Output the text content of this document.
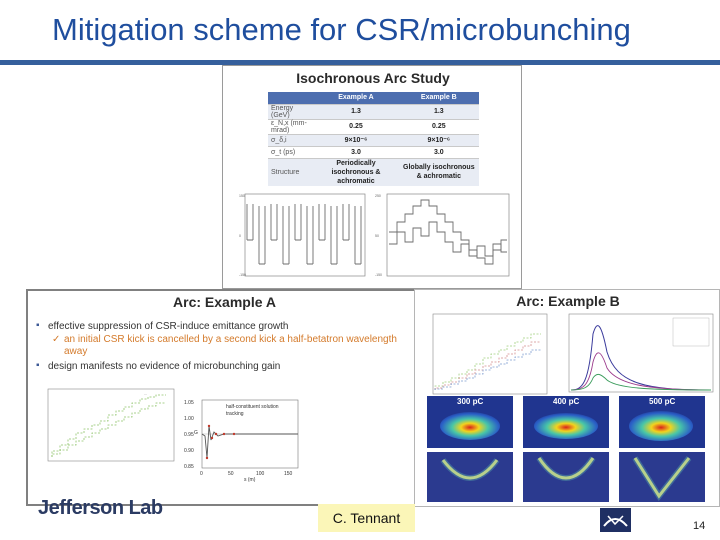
Mitigation scheme for CSR/microbunching
Isochronous Arc Study
	Example A	Example B
Energy (GeV)	1.3	1.3
ε_N,x (mm-mrad)	0.25	0.25
σ_δ,i	9×10⁻⁶	9×10⁻⁶
σ_t (ps)	3.0	3.0
Structure	Periodically isochronous & achromatic	Globally isochronous & achromatic
150
0
-150
250
50
-150
Arc: Example A
▪ effective suppression of CSR-induce emittance growth
✓ an initial CSR kick is cancelled by a second kick a half-betatron wavelength away
▪ design manifests no evidence of microbunching gain
—
half-constituent solution
tracking
1.05
1.00
0.95
0.90
0.85
0	50	100	150
s (m)
G
Arc: Example B
300 pC	400 pC	500 pC
Jefferson Lab	C. Tennant	14
